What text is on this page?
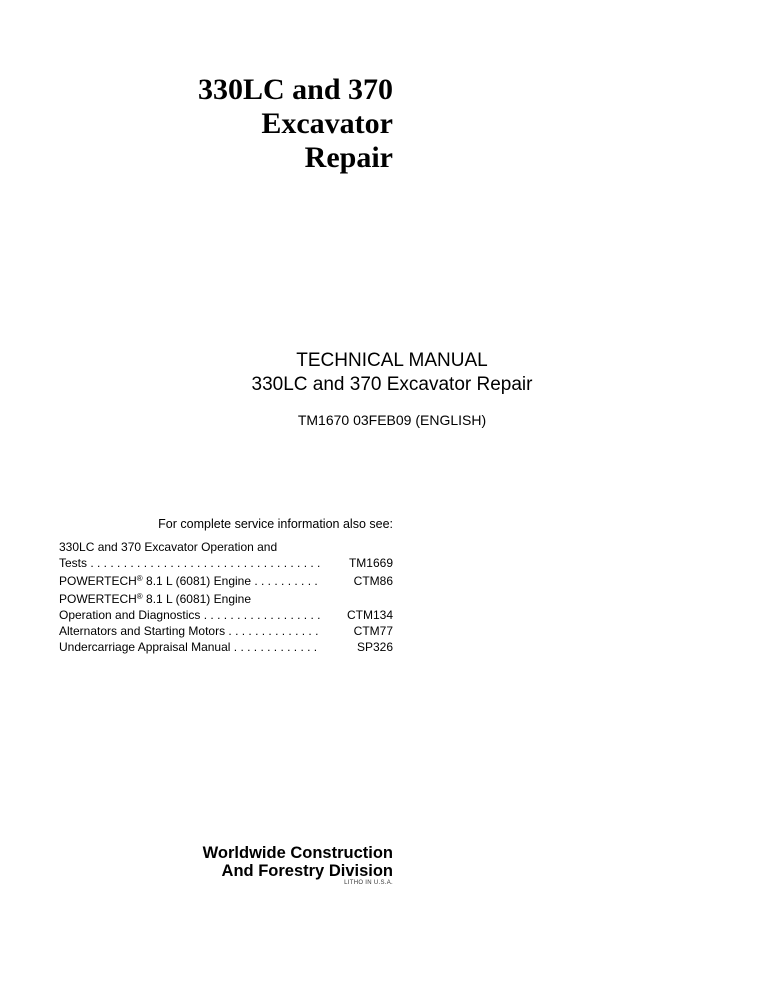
330LC and 370
Excavator
Repair
TECHNICAL MANUAL
330LC and 370 Excavator Repair
TM1670 03FEB09 (ENGLISH)
For complete service information also see:
330LC and 370 Excavator Operation and
Tests . . .	TM1669
POWERTECH® 8.1 L (6081) Engine . . .	CTM86
POWERTECH® 8.1 L (6081) Engine
Operation and Diagnostics . . .	CTM134
Alternators and Starting Motors . . .	CTM77
Undercarriage Appraisal Manual . . .	SP326
Worldwide Construction
And Forestry Division
LITHO IN U.S.A.
